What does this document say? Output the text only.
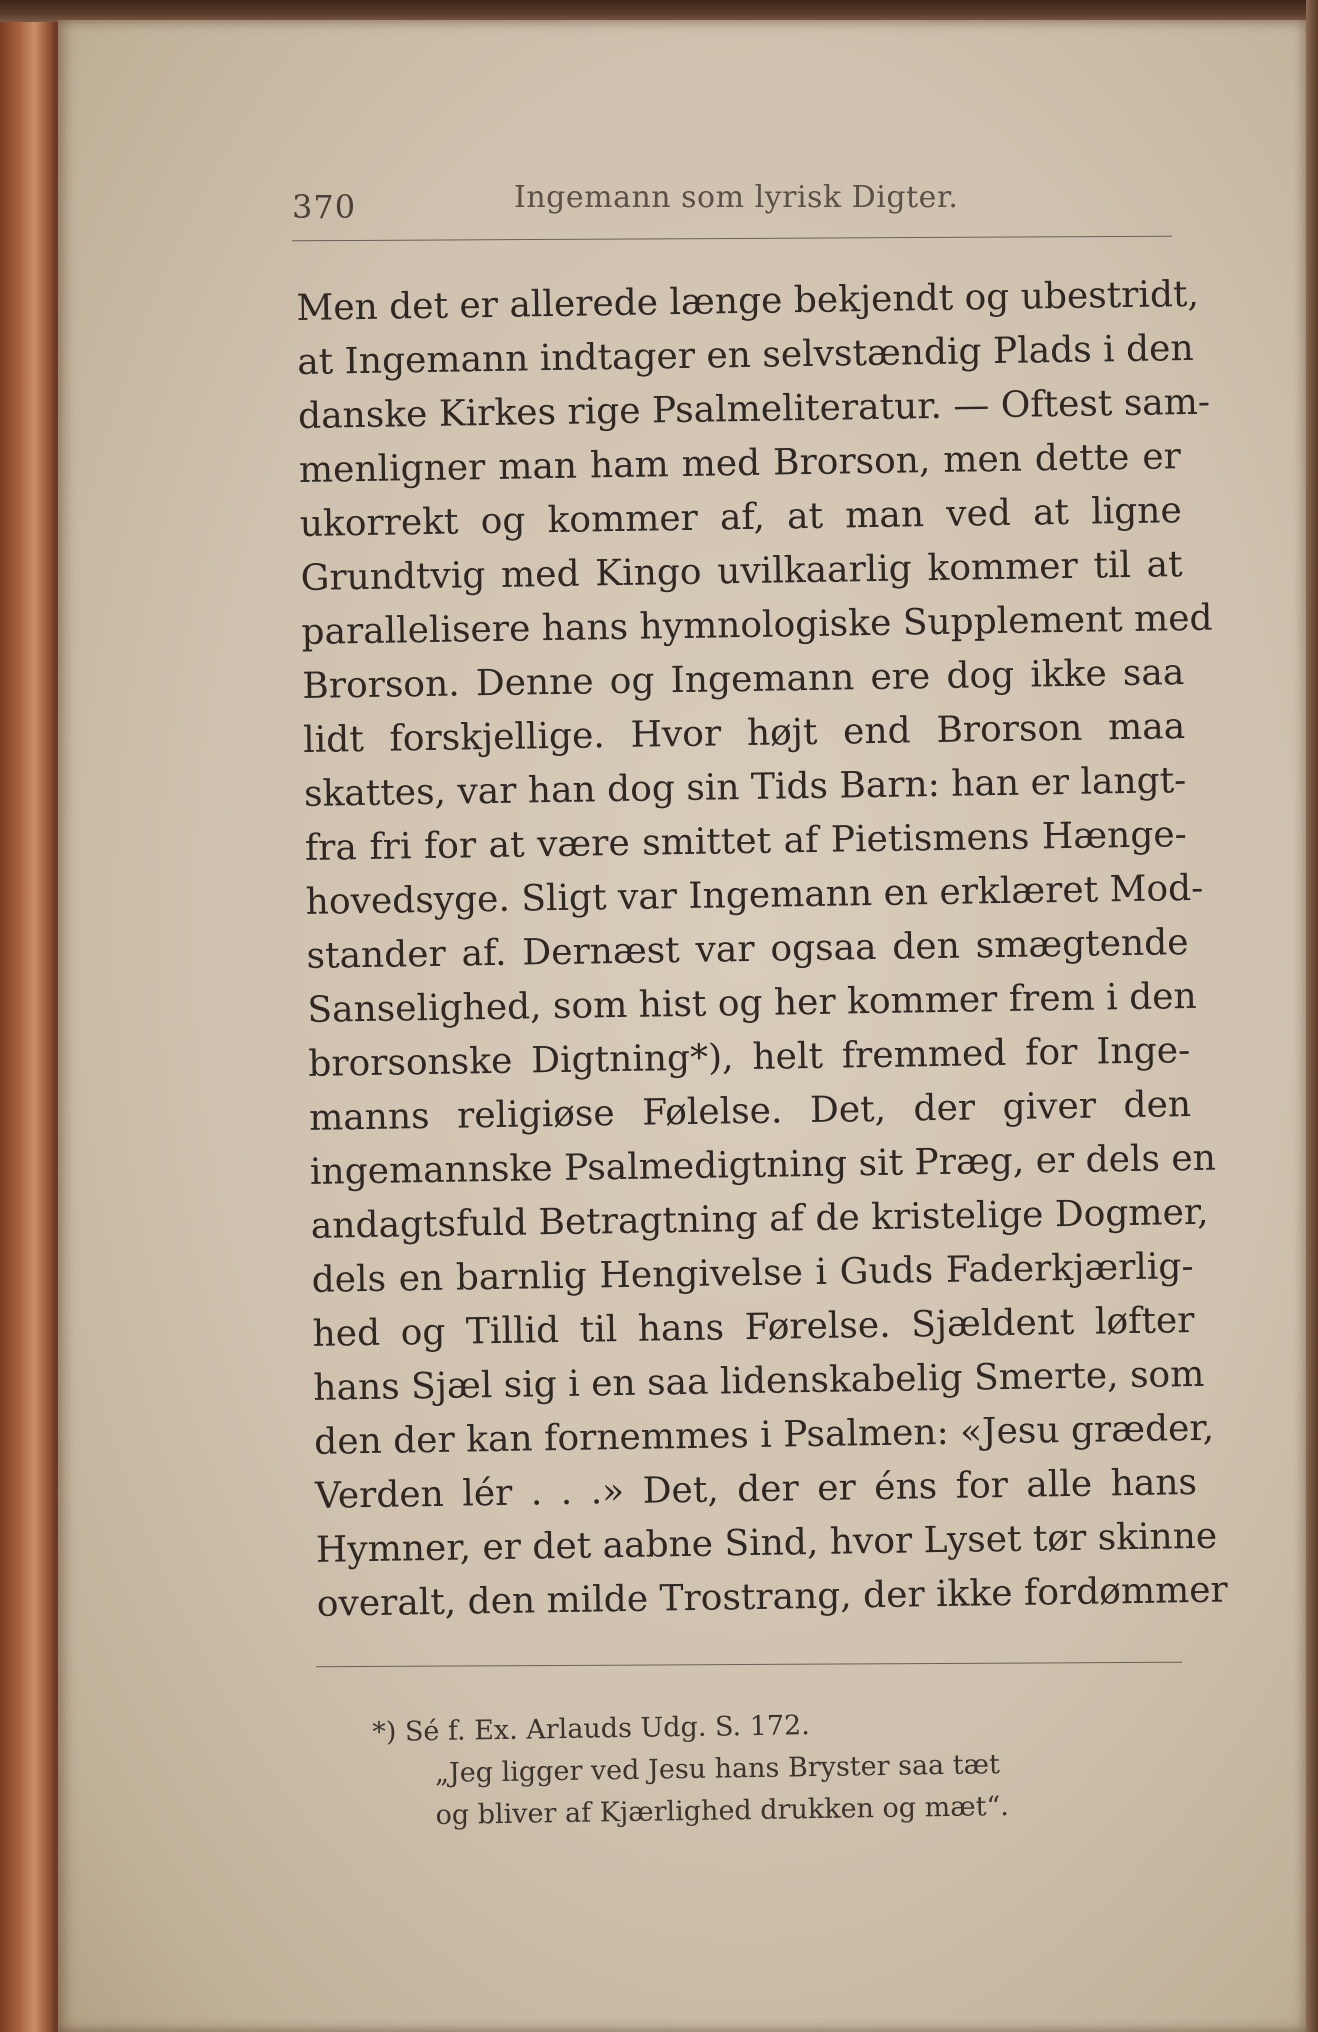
370	Ingemann som lyrisk Digter.
Men det er allerede længe bekjendt og ubestridt,
at Ingemann indtager en selvstændig Plads i den
danske Kirkes rige Psalmeliteratur. — Oftest sam-
menligner man ham med Brorson, men dette er
ukorrekt og kommer af, at man ved at ligne
Grundtvig med Kingo uvilkaarlig kommer til at
parallelisere hans hymnologiske Supplement med
Brorson. Denne og Ingemann ere dog ikke saa
lidt forskjellige. Hvor højt end Brorson maa
skattes, var han dog sin Tids Barn: han er langt-
fra fri for at være smittet af Pietismens Hænge-
hovedsyge. Sligt var Ingemann en erklæret Mod-
stander af. Dernæst var ogsaa den smægtende
Sanselighed, som hist og her kommer frem i den
brorsonske Digtning*), helt fremmed for Inge-
manns religiøse Følelse. Det, der giver den
ingemannske Psalmedigtning sit Præg, er dels en
andagtsfuld Betragtning af de kristelige Dogmer,
dels en barnlig Hengivelse i Guds Faderkjærlig-
hed og Tillid til hans Førelse. Sjældent løfter
hans Sjæl sig i en saa lidenskabelig Smerte, som
den der kan fornemmes i Psalmen: «Jesu græder,
Verden lér . . .» Det, der er éns for alle hans
Hymner, er det aabne Sind, hvor Lyset tør skinne
overalt, den milde Trostrang, der ikke fordømmer
*) Sé f. Ex. Arlauds Udg. S. 172.
„Jeg ligger ved Jesu hans Bryster saa tæt
og bliver af Kjærlighed drukken og mæt“.
